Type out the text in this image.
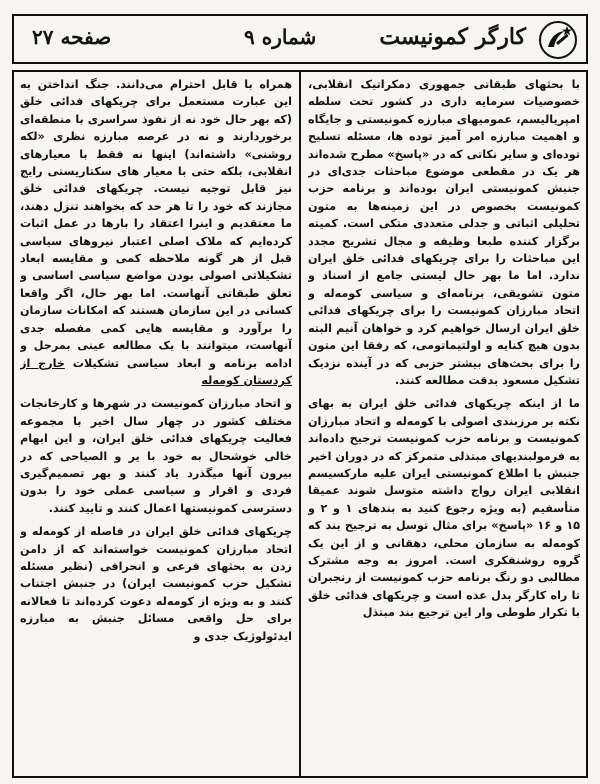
کارگر کمونیست
شماره ۹
صفحه ۲۷

با بحثهای طبقاتی جمهوری دمکراتیک انقلابی، خصوصیات سرمایه داری در کشور تحت سلطه امپریالیسم، عمومیهای مبارزه کمونیستی و جایگاه و اهمیت مبارزه امر آمیز توده ها، مسئله تسلیح توده‌ای و سایر نکاتی که در «پاسخ» مطرح شده‌اند هر یک در مقطعی موضوع مباحثات جدی‌ای در جنبش کمونیستی ایران بوده‌اند و برنامه حزب کمونیست بخصوص در این زمینه‌ها به متون تحلیلی اثباتی و جدلی متعددی متکی است. کمیته برگزار کننده طبعا وظیفه و مجال تشریح مجدد این مباحثات را برای چریکهای فدائی خلق ایران ندارد. اما ما بهر حال لیستی جامع از اسناد و متون تشویقی، برنامه‌ای و سیاسی کومه‌له و اتحاد مبارزان کمونیست را برای چریکهای فدائی خلق ایران ارسال خواهیم کرد و خواهان آنیم البته بدون هیچ کنایه و اولتیماتومی، که رفقا این متون را برای بحث‌های بیشتر حزبی که در آینده نزدیک تشکیل مسعود بدقت مطالعه کنند.

ما از اینکه چریکهای فدائی خلق ایران به بهای نکته بر مرزبندی اصولی با کومه‌له و اتحاد مبارزان کمونیست و برنامه حزب کمونیست ترجیح داده‌اند به فرمولبندیهای مبتذلی متمرکز که در دوران اخیر جنبش با اطلاع کمونیستی ایران علیه مارکسیسم انقلابی ایران رواج داشته متوسل شوند عمیقا متأسفیم (به ویژه رجوع کنید به بندهای ۱ و ۲ و ۱۵ و ۱۶ «پاسخ» برای مثال توسل به ترجیح بند که کومه‌له به سازمان محلی، دهقانی و از این یک گروه روشنفکری است. امروز به وجه مشترک مطالبی دو رنگ برنامه حزب کمونیست از رنجبران تا راه کارگر بدل عده است و چریکهای فدائی خلق با تکرار طوطی وار این ترجیع بند مبتذل

همراه با قابل احترام می‌دانند. جنگ انداختن به این عبارت مستعمل برای چریکهای فدائی خلق (که بهر حال خود نه از نفوذ سراسری با منطقه‌ای برخوردارند و نه در عرصه مبارزه نظری «لکه روشنی» داشته‌اند) اینها نه فقط با معیارهای انقلابی، بلکه حتی با معیار های سکتاریستی رایج نیز قابل توجیه نیست. چریکهای فدائی خلق مجازند که خود را تا هر حد که بخواهند تنزل دهند، ما معتقدیم و اینرا اعتقاد را بارها در عمل اثبات کرده‌ایم که ملاک اصلی اعتبار نیروهای سیاسی قبل از هر گونه ملاحظه کمی و مقایسه ابعاد تشکیلاتی اصولی بودن مواضع سیاسی اساسی و تعلق طبقاتی آنهاست. اما بهر حال، اگر واقعا کسانی در این سازمان هستند که امکانات سازمان را برآورد و مقایسه هایی کمی مفصله جدی آنهاست، میتوانند با یک مطالعه عینی بمرحل و ادامه برنامه و ابعاد سیاسی تشکیلات خارج از کردستان کومه‌له

و اتحاد مبارزان کمونیست در شهرها و کارخانجات مختلف کشور در چهار سال اخیر با مجموعه فعالیت چریکهای فدائی خلق ایران، و این ابهام خالی خوشحال به خود با یر و الصیاحی که در بیرون آنها میگذرد یاد کنند و بهر تصمیم‌گیری فردی و اقرار و سیاسی عملی خود را بدون دسترسی کمونیستها اعمال کنند و تایید کنند.

چریکهای فدائی خلق ایران در فاصله از کومه‌له و اتحاد مبارزان کمونیست خواسته‌اند که از دامن زدن به بحثهای فرعی و انحرافی (نظیر مسئله تشکیل حزب کمونیست ایران) در جنبش اجتناب کنند و به ویژه از کومه‌له دعوت کرده‌اند تا فعالانه برای حل واقعی مسائل جنبش به مبارزه ایدئولوژیک جدی و
